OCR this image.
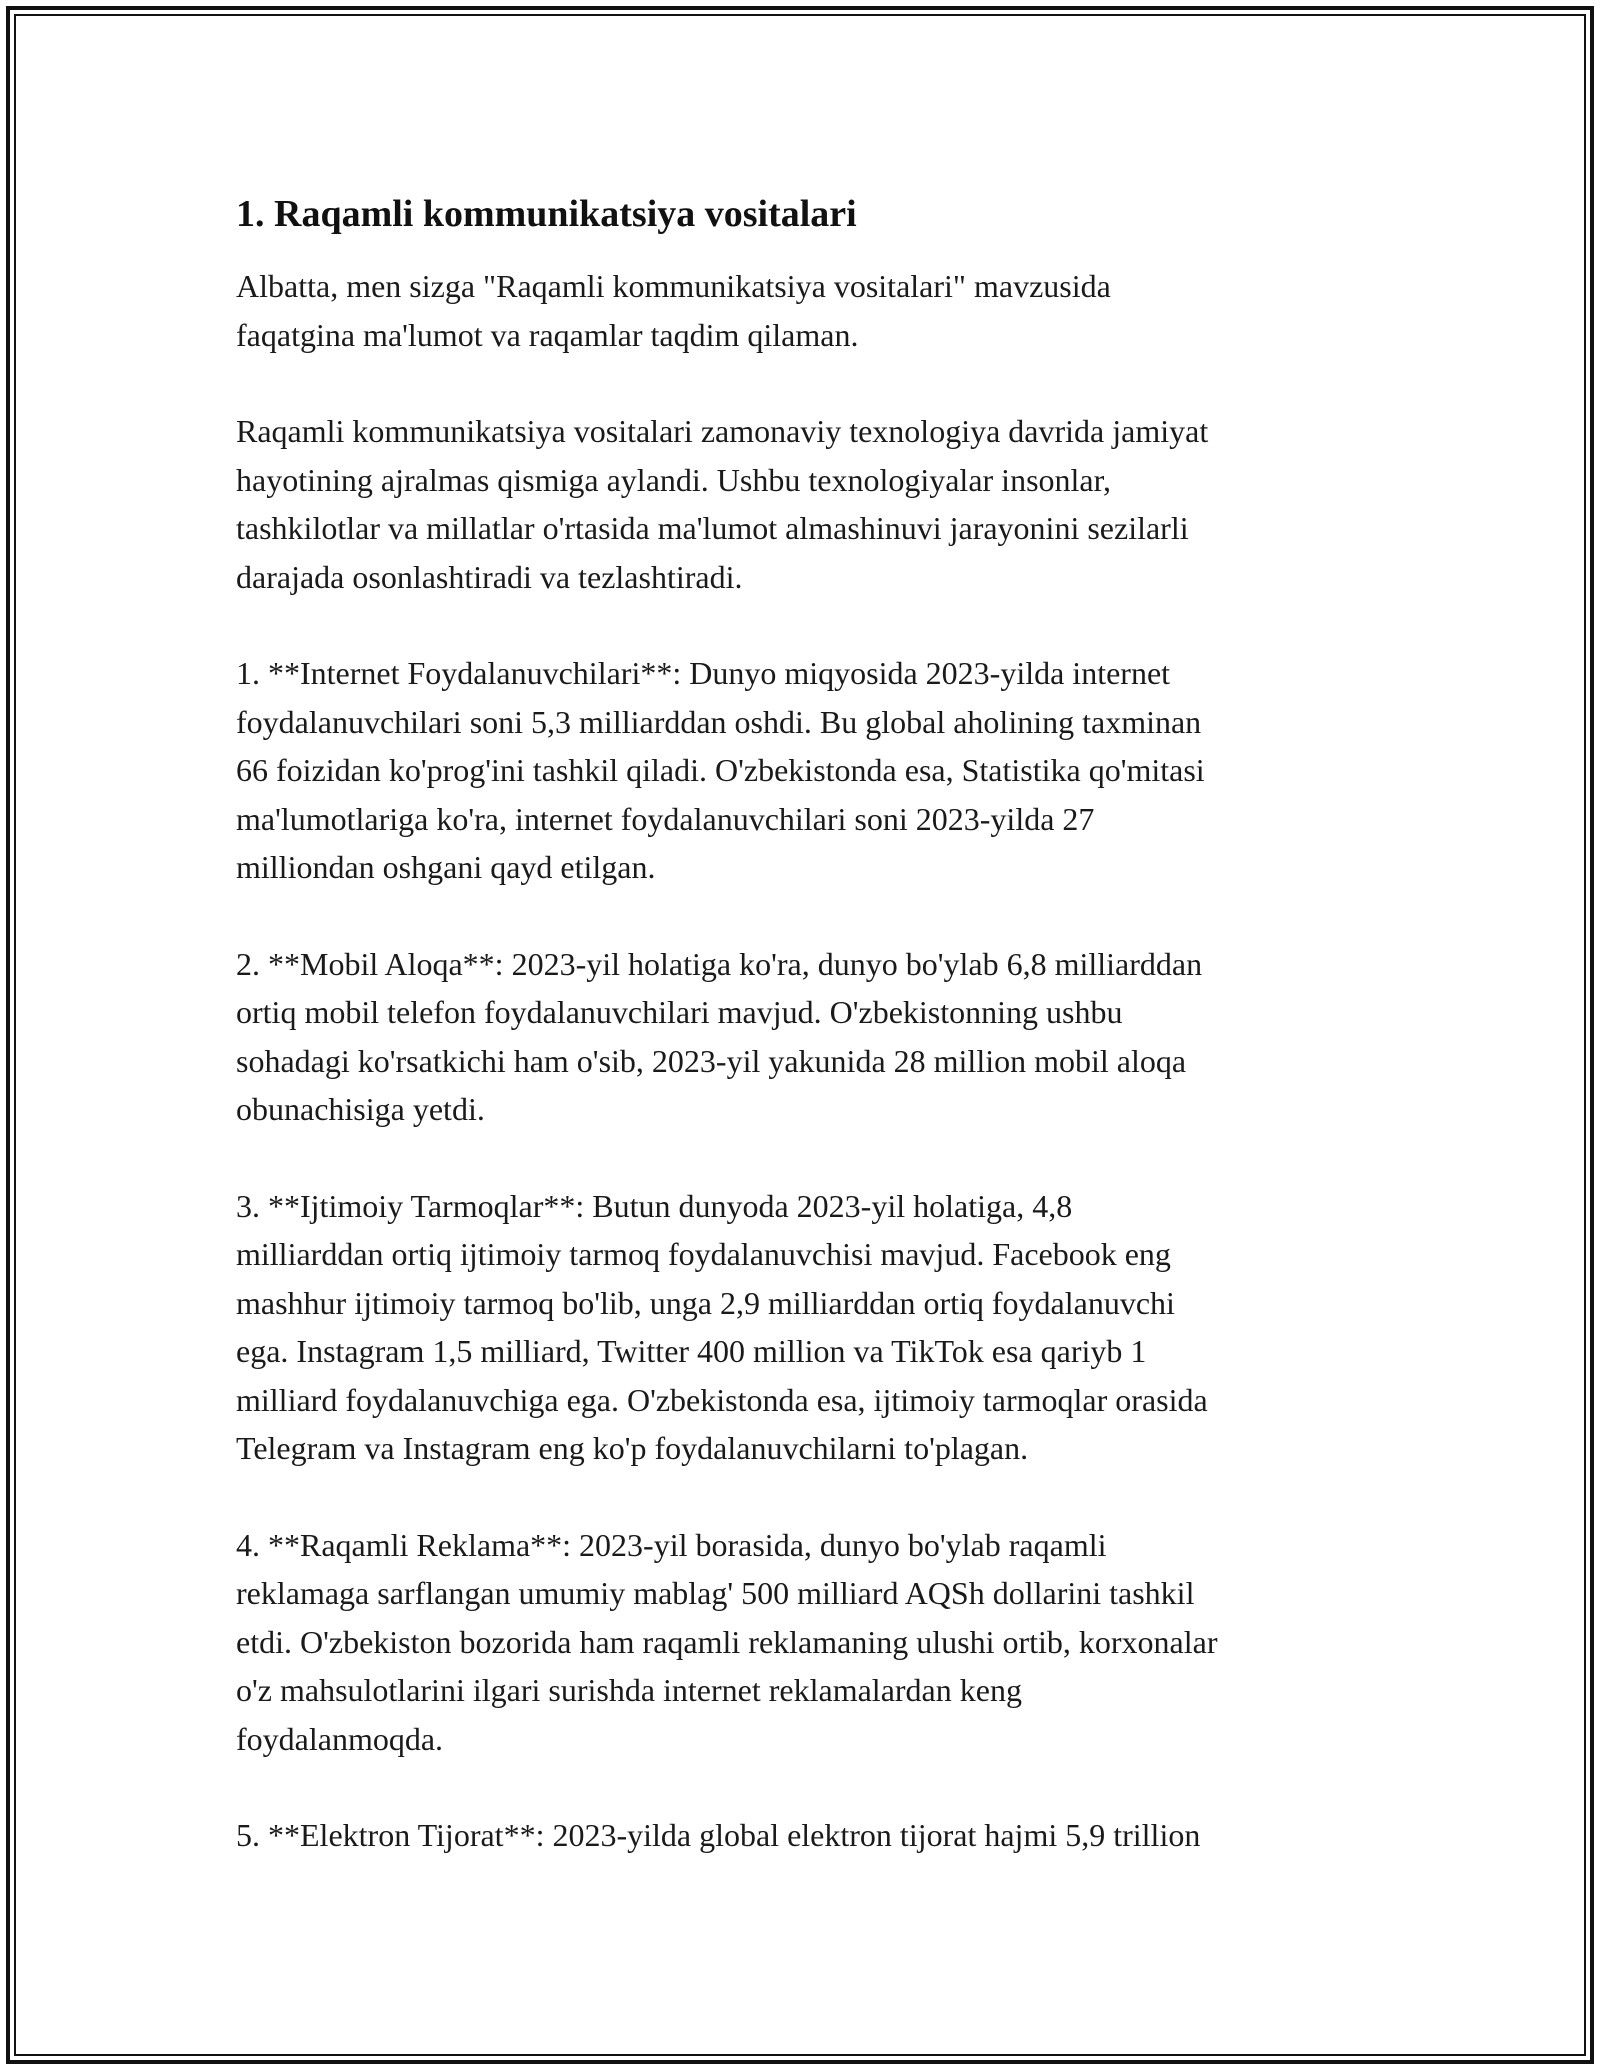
1. Raqamli kommunikatsiya vositalari

Albatta, men sizga "Raqamli kommunikatsiya vositalari" mavzusida
faqatgina ma'lumot va raqamlar taqdim qilaman.

Raqamli kommunikatsiya vositalari zamonaviy texnologiya davrida jamiyat
hayotining ajralmas qismiga aylandi. Ushbu texnologiyalar insonlar,
tashkilotlar va millatlar o'rtasida ma'lumot almashinuvi jarayonini sezilarli
darajada osonlashtiradi va tezlashtiradi.

1. **Internet Foydalanuvchilari**: Dunyo miqyosida 2023-yilda internet
foydalanuvchilari soni 5,3 milliarddan oshdi. Bu global aholining taxminan
66 foizidan ko'prog'ini tashkil qiladi. O'zbekistonda esa, Statistika qo'mitasi
ma'lumotlariga ko'ra, internet foydalanuvchilari soni 2023-yilda 27
milliondan oshgani qayd etilgan.

2. **Mobil Aloqa**: 2023-yil holatiga ko'ra, dunyo bo'ylab 6,8 milliarddan
ortiq mobil telefon foydalanuvchilari mavjud. O'zbekistonning ushbu
sohadagi ko'rsatkichi ham o'sib, 2023-yil yakunida 28 million mobil aloqa
obunachisiga yetdi.

3. **Ijtimoiy Tarmoqlar**: Butun dunyoda 2023-yil holatiga, 4,8
milliarddan ortiq ijtimoiy tarmoq foydalanuvchisi mavjud. Facebook eng
mashhur ijtimoiy tarmoq bo'lib, unga 2,9 milliarddan ortiq foydalanuvchi
ega. Instagram 1,5 milliard, Twitter 400 million va TikTok esa qariyb 1
milliard foydalanuvchiga ega. O'zbekistonda esa, ijtimoiy tarmoqlar orasida
Telegram va Instagram eng ko'p foydalanuvchilarni to'plagan.

4. **Raqamli Reklama**: 2023-yil borasida, dunyo bo'ylab raqamli
reklamaga sarflangan umumiy mablag' 500 milliard AQSh dollarini tashkil
etdi. O'zbekiston bozorida ham raqamli reklamaning ulushi ortib, korxonalar
o'z mahsulotlarini ilgari surishda internet reklamalardan keng
foydalanmoqda.

5. **Elektron Tijorat**: 2023-yilda global elektron tijorat hajmi 5,9 trillion
